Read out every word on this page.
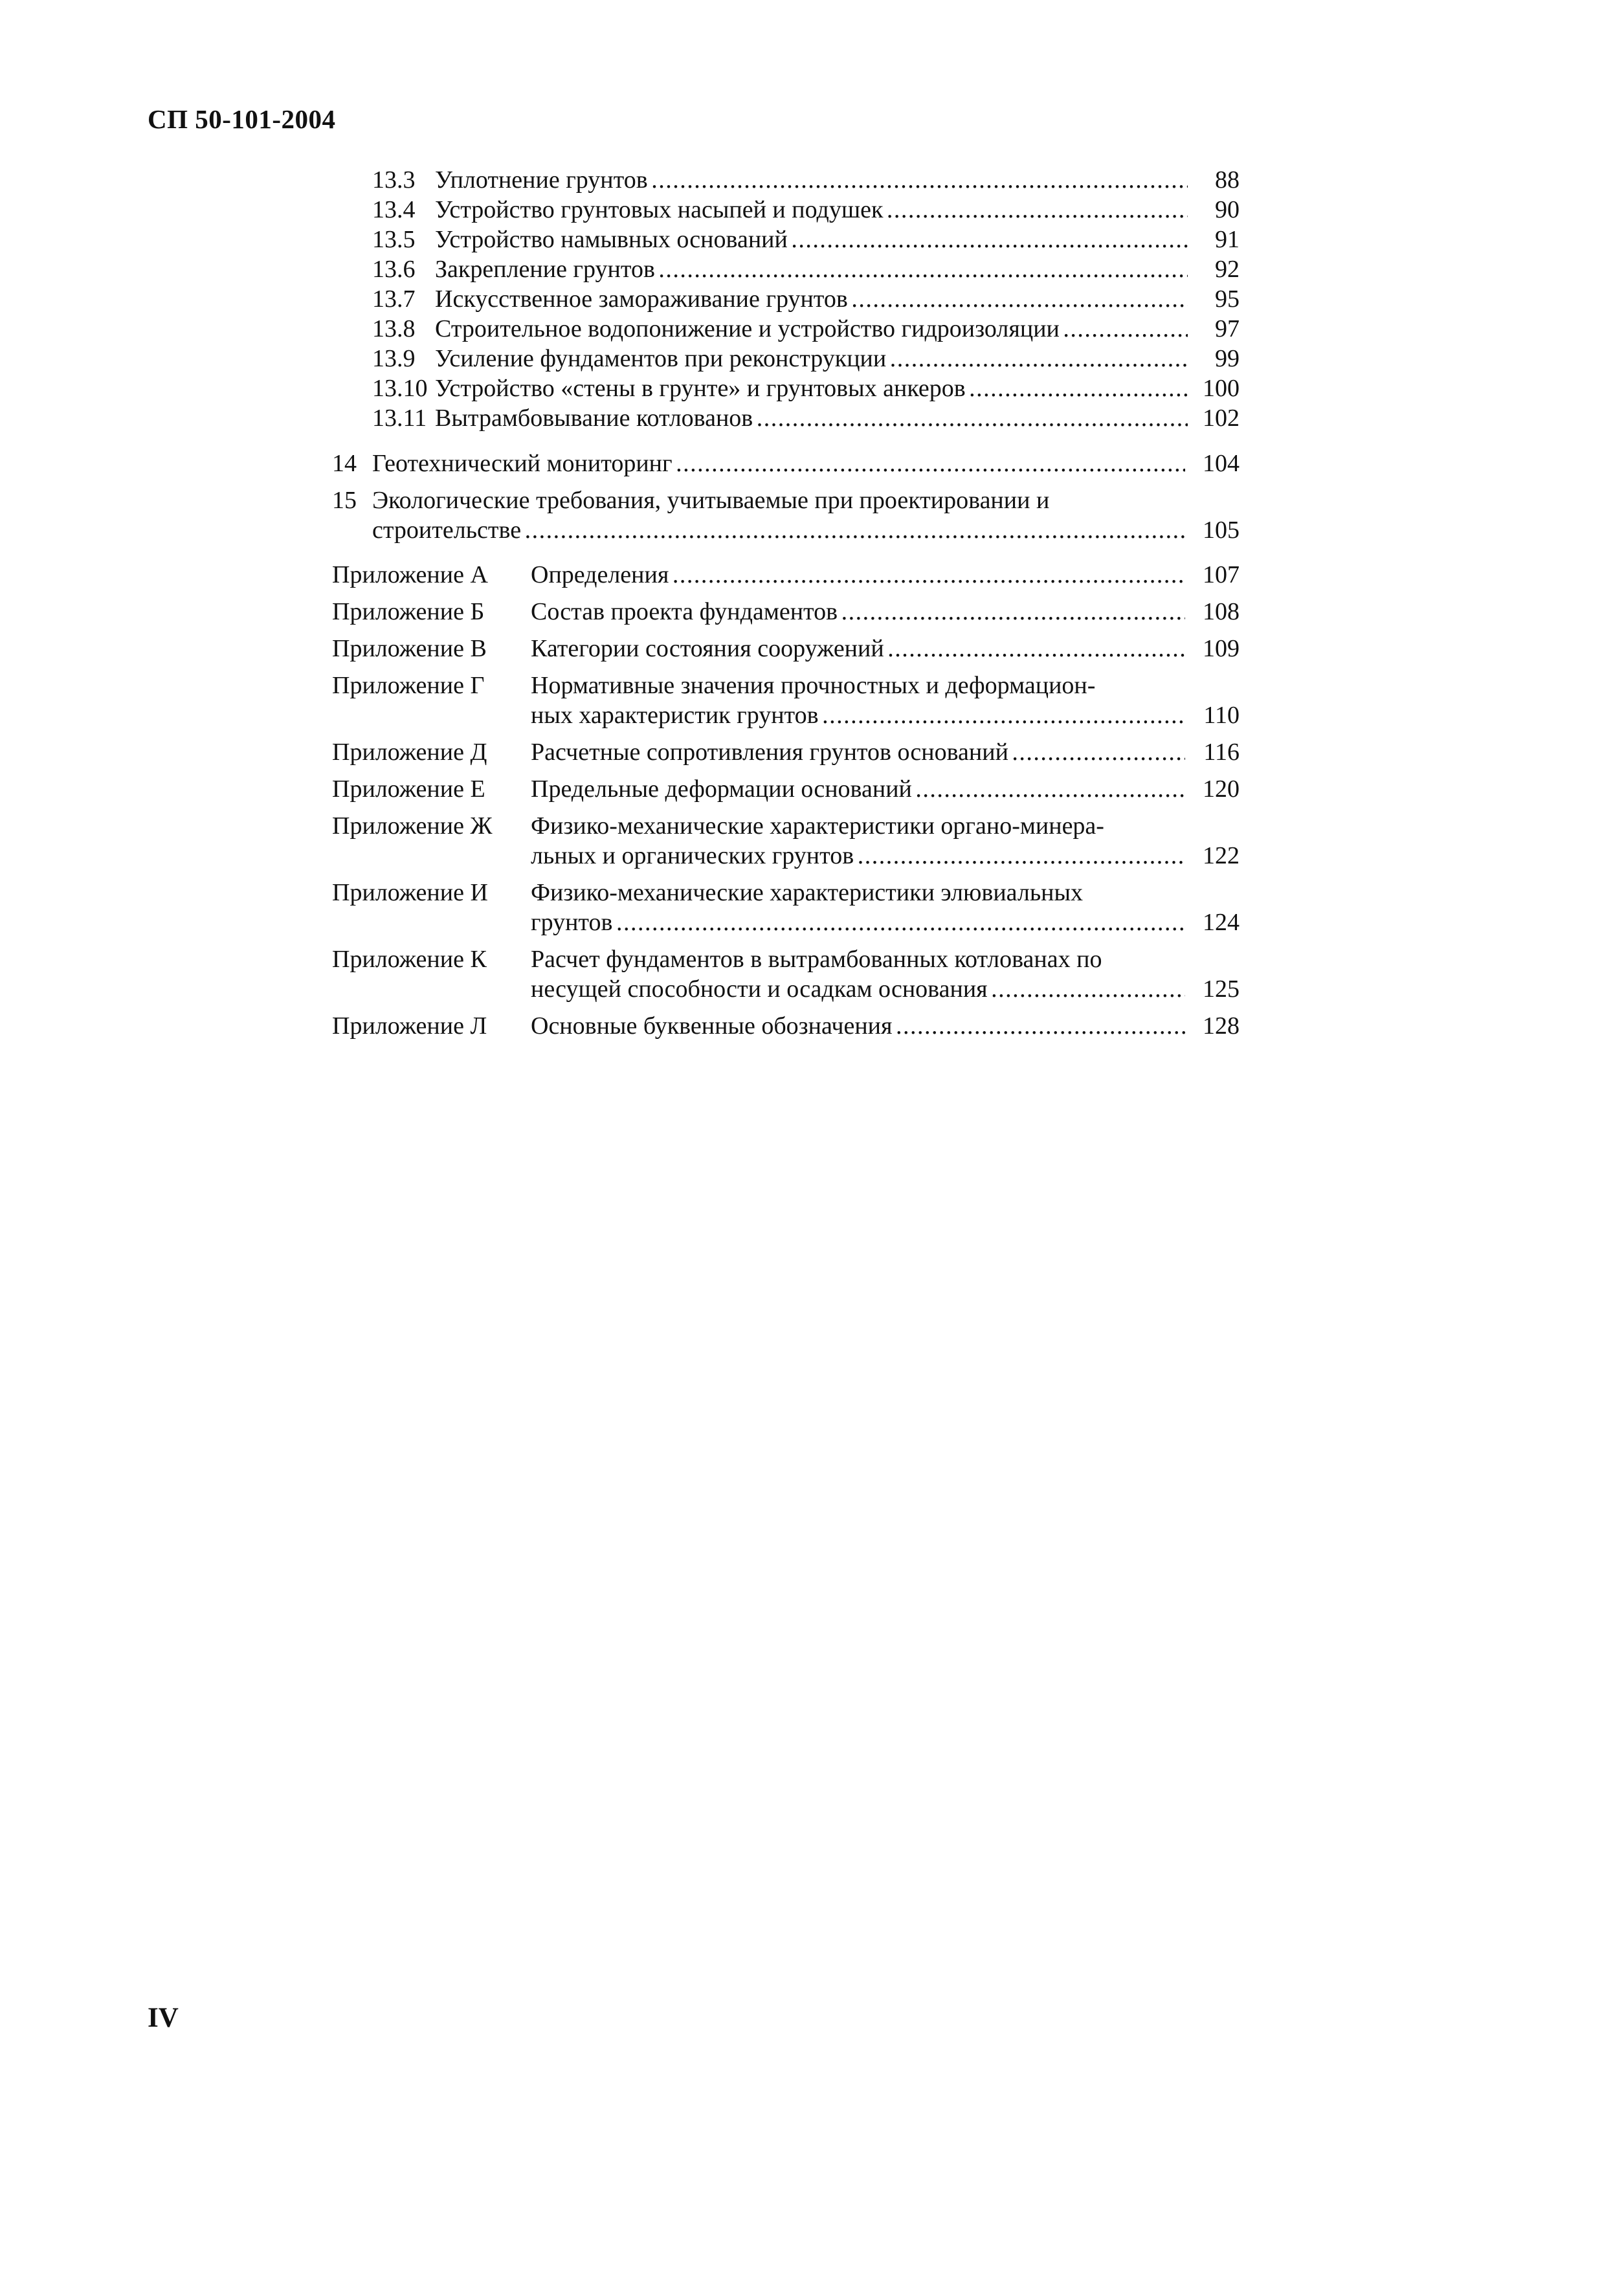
СП 50-101-2004
13.3 Уплотнение грунтов . . .	88
13.4 Устройство грунтовых насыпей и подушек . . .	90
13.5 Устройство намывных оснований . . .	91
13.6 Закрепление грунтов . . .	92
13.7 Искусственное замораживание грунтов . . .	95
13.8 Строительное водопонижение и устройство гидроизоляции . . .	97
13.9 Усиление фундаментов при реконструкции . . .	99
13.10 Устройство «стены в грунте» и грунтовых анкеров . . .	100
13.11 Вытрамбовывание котлованов . . .	102
14 Геотехнический мониторинг . . .	104
15 Экологические требования, учитываемые при проектировании и
строительстве . . .	105
Приложение А Определения . . .	107
Приложение Б Состав проекта фундаментов . . .	108
Приложение В Категории состояния сооружений . . .	109
Приложение Г Нормативные значения прочностных и деформацион-
ных характеристик грунтов . . .	110
Приложение Д Расчетные сопротивления грунтов оснований . . .	116
Приложение Е Предельные деформации оснований . . .	120
Приложение Ж Физико-механические характеристики органо-минера-
льных и органических грунтов . . .	122
Приложение И Физико-механические характеристики элювиальных
грунтов . . .	124
Приложение К Расчет фундаментов в вытрамбованных котлованах по
несущей способности и осадкам основания . . .	125
Приложение Л Основные буквенные обозначения . . .	128
IV
